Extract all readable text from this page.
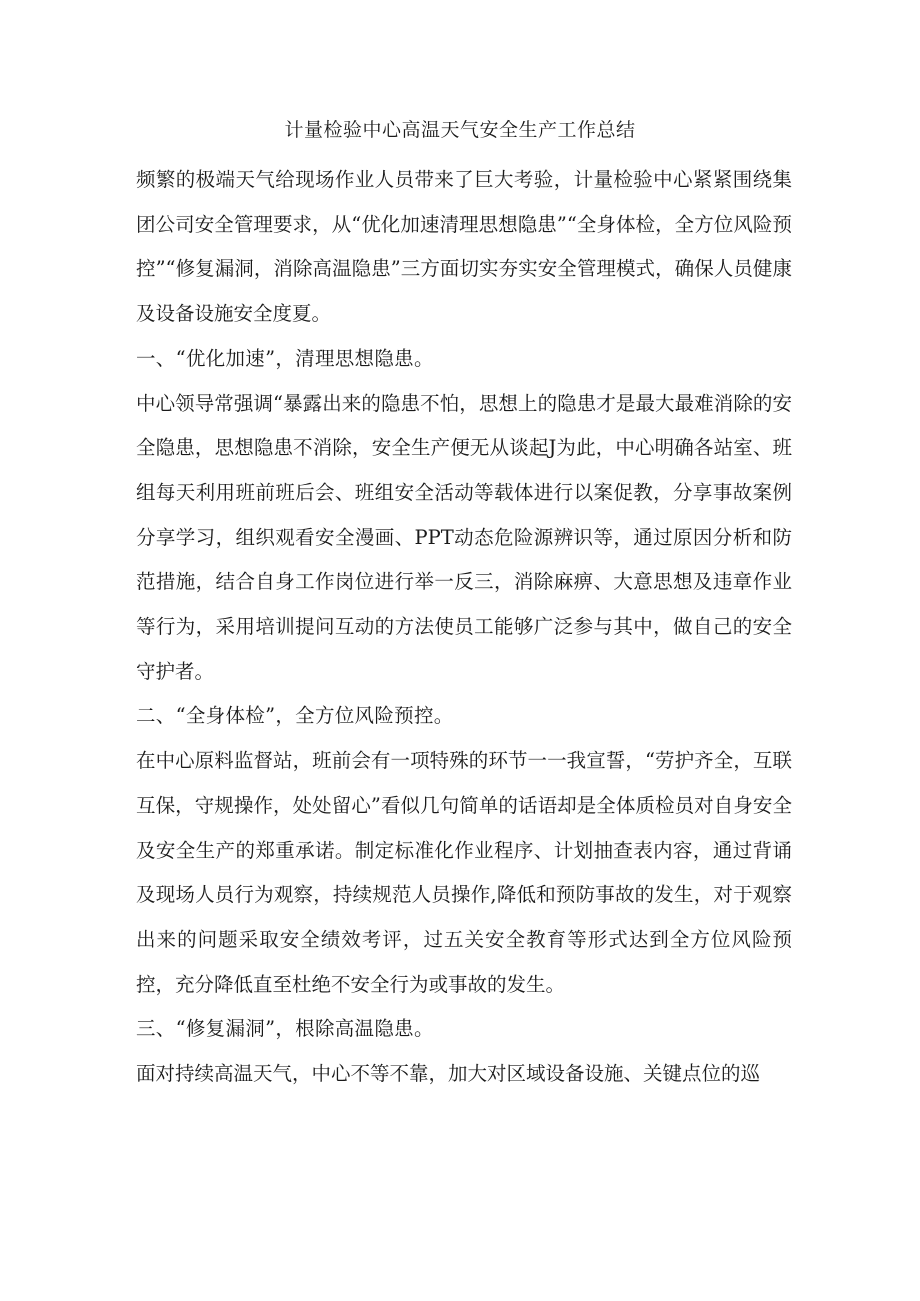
计量检验中心高温天气安全生产工作总结

频繁的极端天气给现场作业人员带来了巨大考验，计量检验中心紧紧围绕集团公司安全管理要求，从“优化加速清理思想隐患”“全身体检，全方位风险预控”“修复漏洞，消除高温隐患”三方面切实夯实安全管理模式，确保人员健康及设备设施安全度夏。

一、“优化加速”，清理思想隐患。

中心领导常强调“暴露出来的隐患不怕，思想上的隐患才是最大最难消除的安全隐患，思想隐患不消除，安全生产便无从谈起J为此，中心明确各站室、班组每天利用班前班后会、班组安全活动等载体进行以案促教，分享事故案例分享学习，组织观看安全漫画、PPT动态危险源辨识等，通过原因分析和防范措施，结合自身工作岗位进行举一反三，消除麻痹、大意思想及违章作业等行为，采用培训提问互动的方法使员工能够广泛参与其中，做自己的安全守护者。

二、“全身体检”，全方位风险预控。

在中心原料监督站，班前会有一项特殊的环节一一我宣誓，“劳护齐全，互联互保，守规操作，处处留心”看似几句简单的话语却是全体质检员对自身安全及安全生产的郑重承诺。制定标准化作业程序、计划抽查表内容，通过背诵及现场人员行为观察，持续规范人员操作,降低和预防事故的发生，对于观察出来的问题采取安全绩效考评，过五关安全教育等形式达到全方位风险预控，充分降低直至杜绝不安全行为或事故的发生。

三、“修复漏洞”，根除高温隐患。

面对持续高温天气，中心不等不靠，加大对区域设备设施、关键点位的巡
